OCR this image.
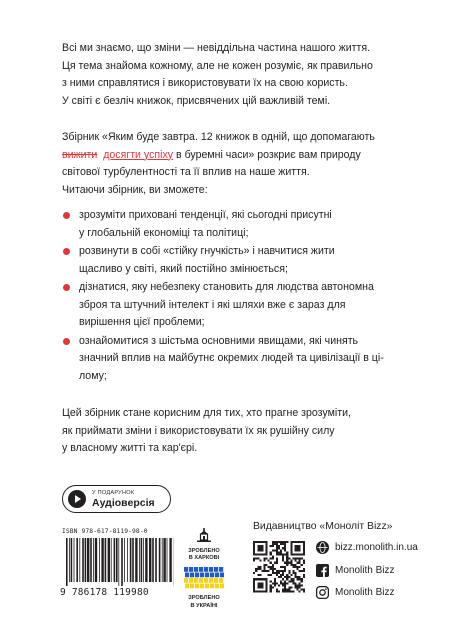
Всі ми знаємо, що зміни — невіддільна частина нашого життя.

Ця тема знайома кожному, але не кожен розуміє, як правильно

з ними справлятися і використовувати їх на свою користь.

У світі є безліч книжок, присвячених цій важливій темі.

Збірник «Яким буде завтра. 12 книжок в одній, що допомагають

вижити досягти успіху в буремні часи» розкриє вам природу

світової турбулентності та її вплив на наше життя.

Читаючи збірник, ви зможете:

зрозуміти приховані тенденції, які сьогодні присутні

у глобальній економіці та політиці;

розвинути в собі «стійку гнучкість» і навчитися жити

щасливо у світі, який постійно змінюється;

дізнатися, яку небезпеку становить для людства автономна

зброя та штучний інтелект і які шляхи вже є зараз для

вирішення цієї проблеми;

ознайомитися з шістьма основними явищами, які чинять

значний вплив на майбутнє окремих людей та цивілізації в ці-

лому;

Цей збірник стане корисним для тих, хто прагне зрозуміти,

як приймати зміни і використовувати їх як рушійну силу

у власному житті та кар'єрі.

У ПОДАРУНОК
Аудіоверсія
ISBN 978-617-8119-98-0
9 786178 119980
ЗРОБЛЕНО
В ХАРКОВІ
ЗРОБЛЕНО
В УКРАЇНІ
Видавництво «Моноліт Bizz»
bizz.monolith.in.ua
Monolith Bizz
Monolith Bizz
